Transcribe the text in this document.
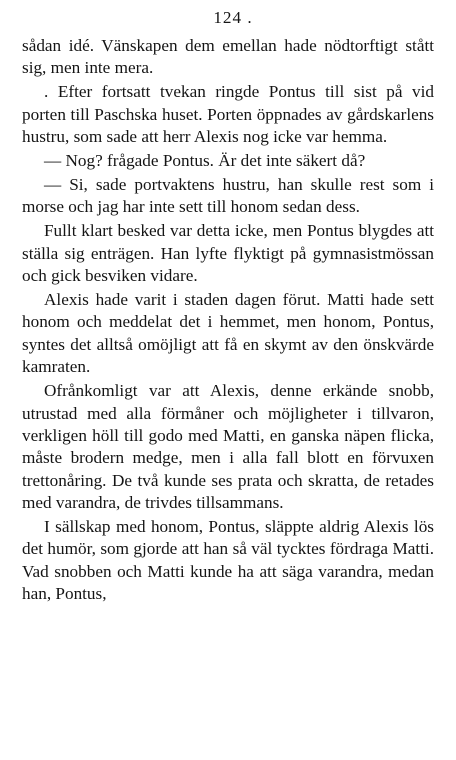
124 .

sådan idé. Vänskapen dem emellan hade nödtorftigt stått sig, men inte mera.

. Efter fortsatt tvekan ringde Pontus till sist på vid porten till Paschska huset. Porten öppnades av gårdskarlens hustru, som sade att herr Alexis nog icke var hemma.

— Nog? frågade Pontus. Är det inte säkert då?

— Si, sade portvaktens hustru, han skulle rest som i morse och jag har inte sett till honom sedan dess.

Fullt klart besked var detta icke, men Pontus blygdes att ställa sig enträgen. Han lyfte flyktigt på gymnasistmössan och gick besviken vidare.

Alexis hade varit i staden dagen förut. Matti hade sett honom och meddelat det i hemmet, men honom, Pontus, syntes det alltså omöjligt att få en skymt av den önskvärde kamraten.

Ofrånkomligt var att Alexis, denne erkände snobb, utrustad med alla förmåner och möjligheter i tillvaron, verkligen höll till godo med Matti, en ganska näpen flicka, måste brodern medge, men i alla fall blott en förvuxen trettonåring. De två kunde ses prata och skratta, de retades med varandra, de trivdes tillsammans.

I sällskap med honom, Pontus, släppte aldrig Alexis lös det humör, som gjorde att han så väl tycktes fördraga Matti. Vad snobben och Matti kunde ha att säga varandra, medan han, Pontus,
